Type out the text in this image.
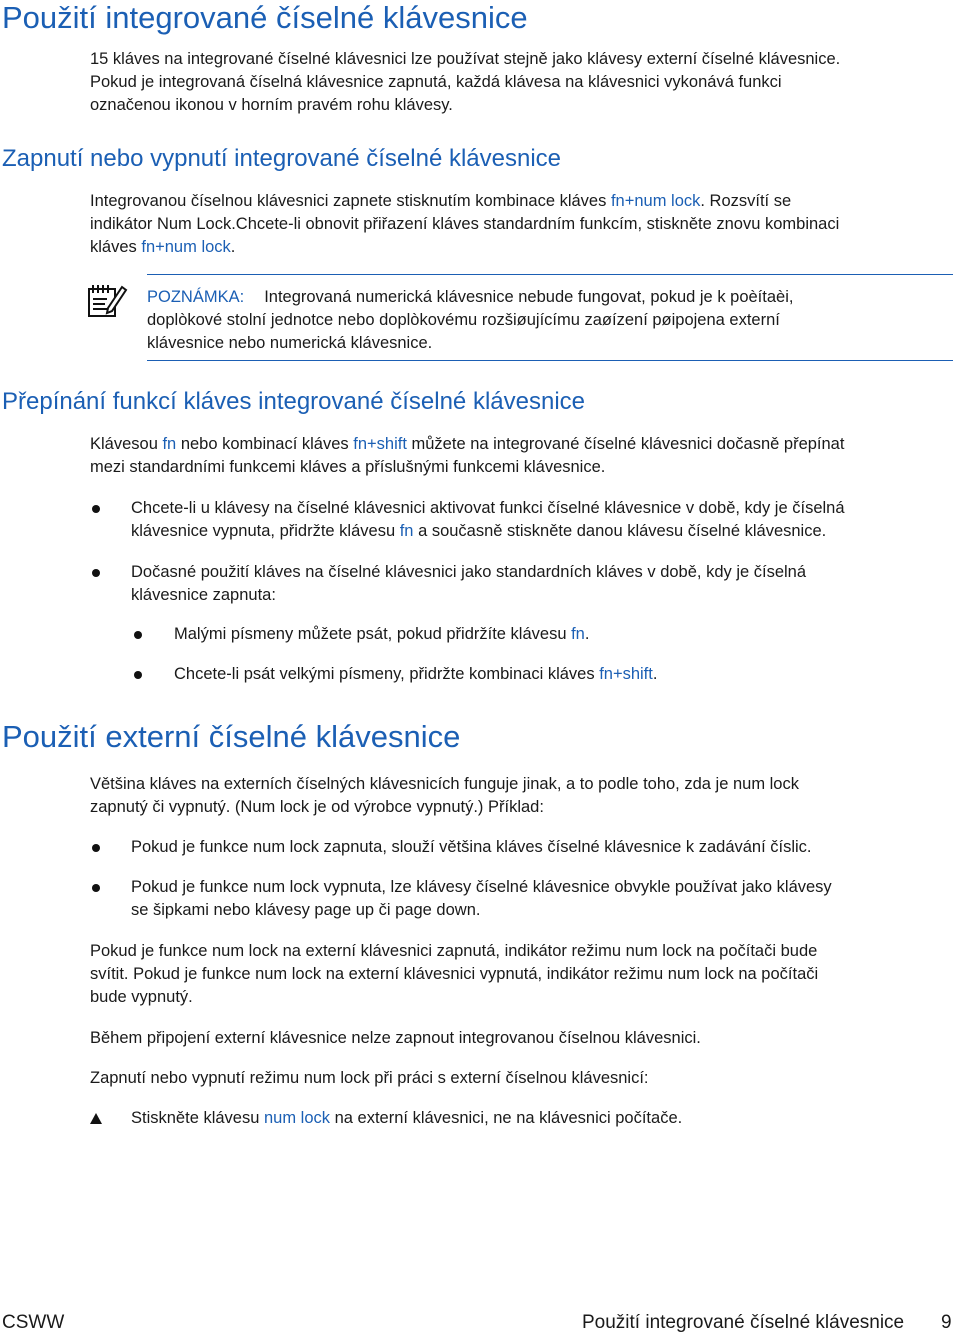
Použití integrované číselné klávesnice

15 kláves na integrované číselné klávesnici lze používat stejně jako klávesy externí číselné klávesnice.

Pokud je integrovaná číselná klávesnice zapnutá, každá klávesa na klávesnici vykonává funkci

označenou ikonou v horním pravém rohu klávesy.

Zapnutí nebo vypnutí integrované číselné klávesnice

Integrovanou číselnou klávesnici zapnete stisknutím kombinace kláves fn+num lock. Rozsvítí se

indikátor Num Lock.Chcete-li obnovit přiřazení kláves standardním funkcím, stiskněte znovu kombinaci

kláves fn+num lock.

POZNÁMKA: Integrovaná numerická klávesnice nebude fungovat, pokud je k poèítaèi,

doplòkové stolní jednotce nebo doplòkovému rozšiøujícímu zaøízení pøipojena externí

klávesnice nebo numerická klávesnice.

Přepínání funkcí kláves integrované číselné klávesnice

Klávesou fn nebo kombinací kláves fn+shift můžete na integrované číselné klávesnici dočasně přepínat

mezi standardními funkcemi kláves a příslušnými funkcemi klávesnice.

Chcete-li u klávesy na číselné klávesnici aktivovat funkci číselné klávesnice v době, kdy je číselná

klávesnice vypnuta, přidržte klávesu fn a současně stiskněte danou klávesu číselné klávesnice.

Dočasné použití kláves na číselné klávesnici jako standardních kláves v době, kdy je číselná

klávesnice zapnuta:

Malými písmeny můžete psát, pokud přidržíte klávesu fn.

Chcete-li psát velkými písmeny, přidržte kombinaci kláves fn+shift.

Použití externí číselné klávesnice

Většina kláves na externích číselných klávesnicích funguje jinak, a to podle toho, zda je num lock

zapnutý či vypnutý. (Num lock je od výrobce vypnutý.) Příklad:

Pokud je funkce num lock zapnuta, slouží většina kláves číselné klávesnice k zadávání číslic.

Pokud je funkce num lock vypnuta, lze klávesy číselné klávesnice obvykle používat jako klávesy

se šipkami nebo klávesy page up či page down.

Pokud je funkce num lock na externí klávesnici zapnutá, indikátor režimu num lock na počítači bude

svítit. Pokud je funkce num lock na externí klávesnici vypnutá, indikátor režimu num lock na počítači

bude vypnutý.

Během připojení externí klávesnice nelze zapnout integrovanou číselnou klávesnici.

Zapnutí nebo vypnutí režimu num lock při práci s externí číselnou klávesnicí:

Stiskněte klávesu num lock na externí klávesnici, ne na klávesnici počítače.

CSWW	Použití integrované číselné klávesnice 9
